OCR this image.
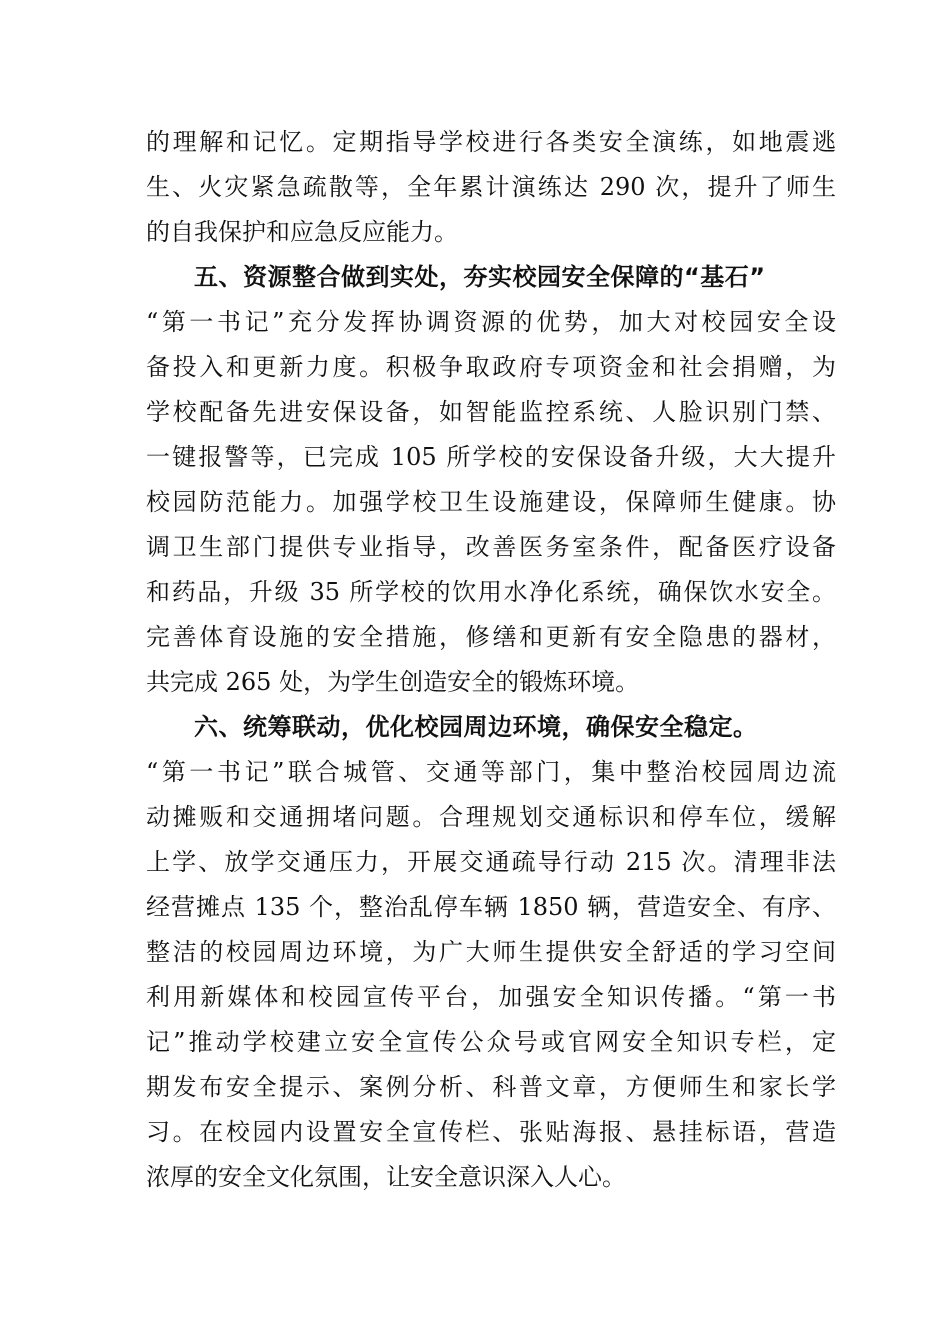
的理解和记忆。定期指导学校进行各类安全演练，如地震逃
生、火灾紧急疏散等，全年累计演练达 290 次，提升了师生
的自我保护和应急反应能力。
五、资源整合做到实处，夯实校园安全保障的“基石”
“第一书记”充分发挥协调资源的优势，加大对校园安全设
备投入和更新力度。积极争取政府专项资金和社会捐赠，为
学校配备先进安保设备，如智能监控系统、人脸识别门禁、
一键报警等，已完成 105 所学校的安保设备升级，大大提升
校园防范能力。加强学校卫生设施建设，保障师生健康。协
调卫生部门提供专业指导，改善医务室条件，配备医疗设备
和药品，升级 35 所学校的饮用水净化系统，确保饮水安全。
完善体育设施的安全措施，修缮和更新有安全隐患的器材，
共完成 265 处，为学生创造安全的锻炼环境。
六、统筹联动，优化校园周边环境，确保安全稳定。
“第一书记”联合城管、交通等部门，集中整治校园周边流
动摊贩和交通拥堵问题。合理规划交通标识和停车位，缓解
上学、放学交通压力，开展交通疏导行动 215 次。清理非法
经营摊点 135 个，整治乱停车辆 1850 辆，营造安全、有序、
整洁的校园周边环境，为广大师生提供安全舒适的学习空间
利用新媒体和校园宣传平台，加强安全知识传播。“第一书
记”推动学校建立安全宣传公众号或官网安全知识专栏，定
期发布安全提示、案例分析、科普文章，方便师生和家长学
习。在校园内设置安全宣传栏、张贴海报、悬挂标语，营造
浓厚的安全文化氛围，让安全意识深入人心。
